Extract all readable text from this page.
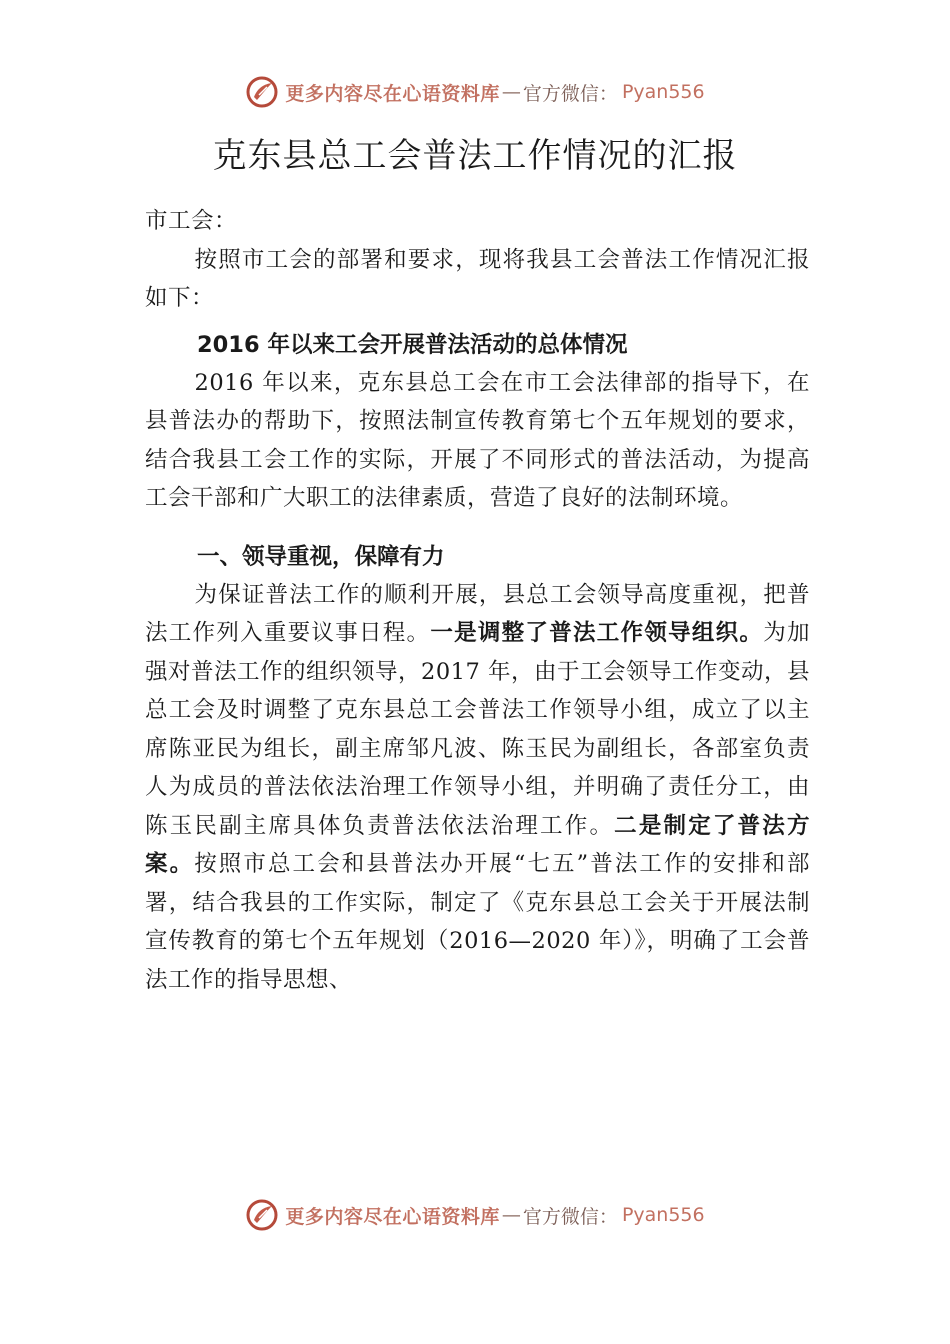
更多内容尽在心语资料库 — 官方微信： Pyan556
克东县总工会普法工作情况的汇报

市工会：

按照市工会的部署和要求，现将我县工会普法工作情况汇报如下：

2016 年以来工会开展普法活动的总体情况

2016 年以来，克东县总工会在市工会法律部的指导下，在县普法办的帮助下，按照法制宣传教育第七个五年规划的要求，结合我县工会工作的实际，开展了不同形式的普法活动，为提高工会干部和广大职工的法律素质，营造了良好的法制环境。

一、领导重视，保障有力

为保证普法工作的顺利开展，县总工会领导高度重视，把普法工作列入重要议事日程。一是调整了普法工作领导组织。为加强对普法工作的组织领导，2017 年，由于工会领导工作变动，县总工会及时调整了克东县总工会普法工作领导小组，成立了以主席陈亚民为组长，副主席邹凡波、陈玉民为副组长，各部室负责人为成员的普法依法治理工作领导小组，并明确了责任分工，由陈玉民副主席具体负责普法依法治理工作。二是制定了普法方案。按照市总工会和县普法办开展“七五”普法工作的安排和部署，结合我县的工作实际，制定了《克东县总工会关于开展法制宣传教育的第七个五年规划（2016—2020 年）》，明确了工会普法工作的指导思想、

更多内容尽在心语资料库 — 官方微信： Pyan556
